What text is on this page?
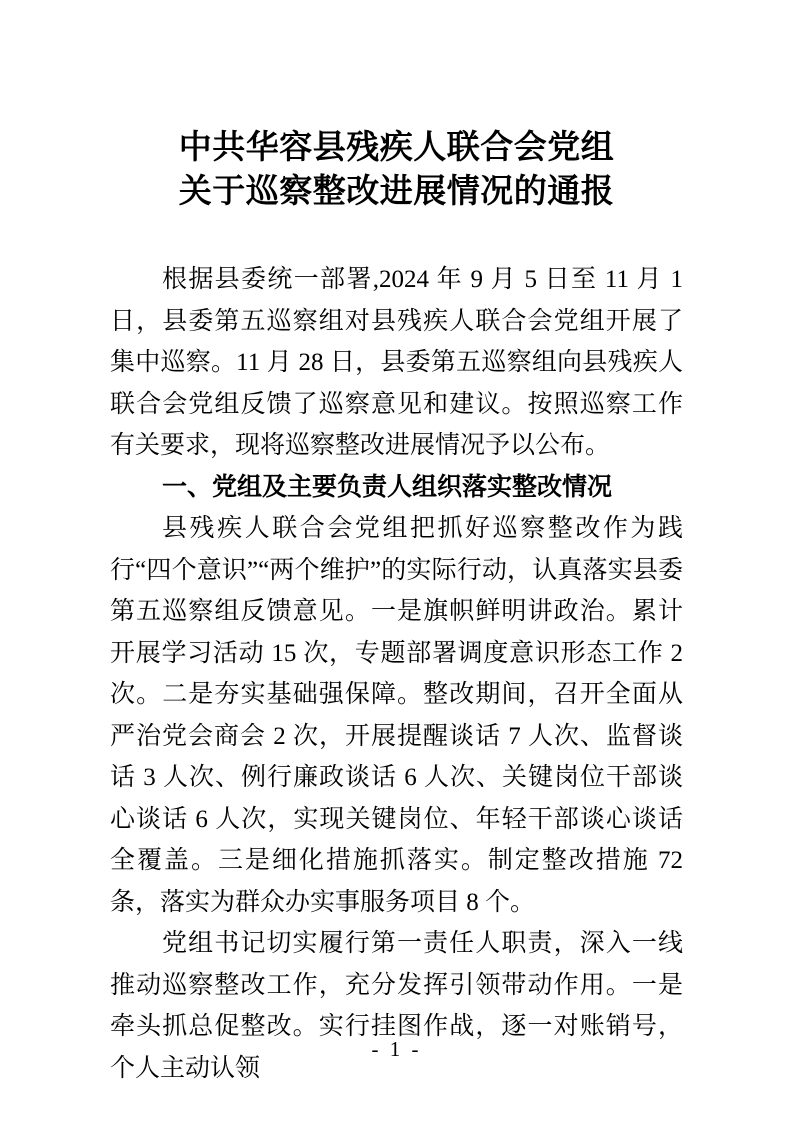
中共华容县残疾人联合会党组
关于巡察整改进展情况的通报

根据县委统一部署,2024 年 9 月 5 日至 11 月 1 日，县委第五巡察组对县残疾人联合会党组开展了集中巡察。11 月 28 日，县委第五巡察组向县残疾人联合会党组反馈了巡察意见和建议。按照巡察工作有关要求，现将巡察整改进展情况予以公布。

一、党组及主要负责人组织落实整改情况

县残疾人联合会党组把抓好巡察整改作为践行“四个意识”“两个维护”的实际行动，认真落实县委第五巡察组反馈意见。一是旗帜鲜明讲政治。累计开展学习活动 15 次，专题部署调度意识形态工作 2 次。二是夯实基础强保障。整改期间，召开全面从严治党会商会 2 次，开展提醒谈话 7 人次、监督谈话 3 人次、例行廉政谈话 6 人次、关键岗位干部谈心谈话 6 人次，实现关键岗位、年轻干部谈心谈话全覆盖。三是细化措施抓落实。制定整改措施 72 条，落实为群众办实事服务项目 8 个。

党组书记切实履行第一责任人职责，深入一线推动巡察整改工作，充分发挥引领带动作用。一是牵头抓总促整改。实行挂图作战，逐一对账销号，个人主动认领

- 1 -
